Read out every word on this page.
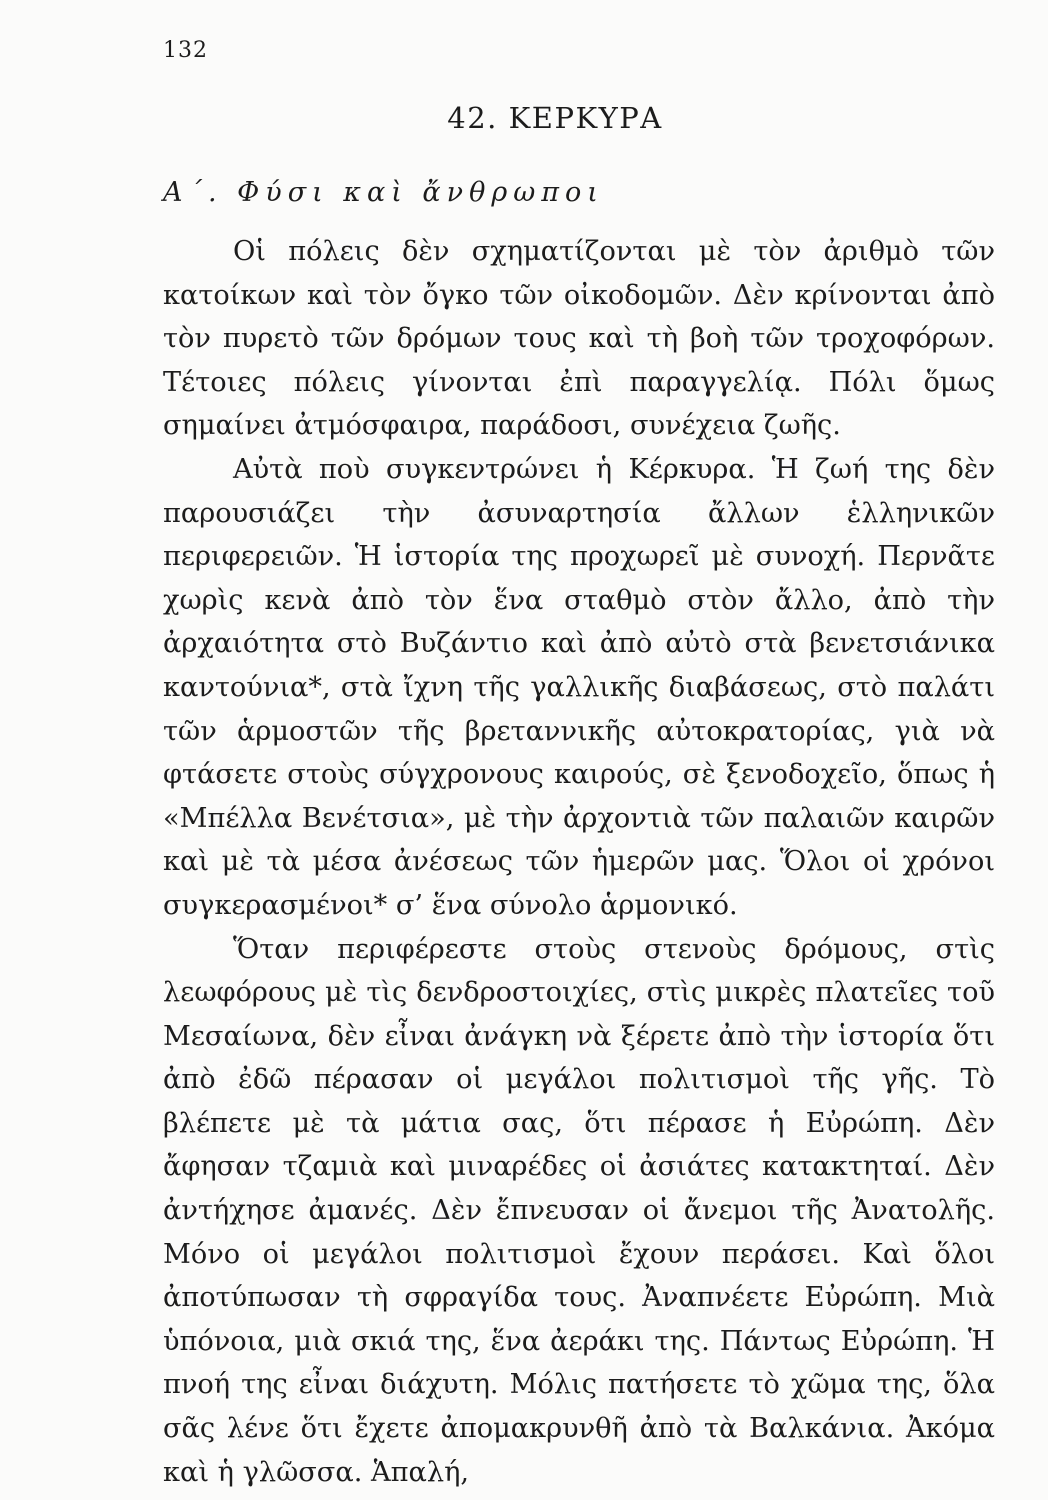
132
42. ΚΕΡΚΥΡΑ
Α΄. Φύσι καὶ ἄνθρωποι

Οἱ πόλεις δὲν σχηματίζονται μὲ τὸν ἀριθμὸ τῶν κατοίκων καὶ τὸν ὄγκο τῶν οἰκοδομῶν. Δὲν κρίνονται ἀπὸ τὸν πυρετὸ τῶν δρόμων τους καὶ τὴ βοὴ τῶν τροχοφόρων. Τέτοιες πόλεις γίνονται ἐπὶ παραγγελίᾳ. Πόλι ὅμως σημαίνει ἀτμόσφαιρα, παράδοσι, συνέχεια ζωῆς.

Αὐτὰ ποὺ συγκεντρώνει ἡ Κέρκυρα. Ἡ ζωή της δὲν παρουσιάζει τὴν ἀσυναρτησία ἄλλων ἑλληνικῶν περιφερειῶν. Ἡ ἱστορία της προχωρεῖ μὲ συνοχή. Περνᾶτε χωρὶς κενὰ ἀπὸ τὸν ἕνα σταθμὸ στὸν ἄλλο, ἀπὸ τὴν ἀρχαιότητα στὸ Βυζάντιο καὶ ἀπὸ αὐτὸ στὰ βενετσιάνικα καντούνια*, στὰ ἴχνη τῆς γαλλικῆς διαβάσεως, στὸ παλάτι τῶν ἁρμοστῶν τῆς βρεταννικῆς αὐτοκρατορίας, γιὰ νὰ φτάσετε στοὺς σύγχρονους καιρούς, σὲ ξενοδοχεῖο, ὅπως ἡ «Μπέλλα Βενέτσια», μὲ τὴν ἀρχοντιὰ τῶν παλαιῶν καιρῶν καὶ μὲ τὰ μέσα ἀνέσεως τῶν ἡμερῶν μας. Ὅλοι οἱ χρόνοι συγκερασμένοι* σ’ ἕνα σύνολο ἁρμονικό.

Ὅταν περιφέρεστε στοὺς στενοὺς δρόμους, στὶς λεωφόρους μὲ τὶς δενδροστοιχίες, στὶς μικρὲς πλατεῖες τοῦ Μεσαίωνα, δὲν εἶναι ἀνάγκη νὰ ξέρετε ἀπὸ τὴν ἱστορία ὅτι ἀπὸ ἐδῶ πέρασαν οἱ μεγάλοι πολιτισμοὶ τῆς γῆς. Τὸ βλέπετε μὲ τὰ μάτια σας, ὅτι πέρασε ἡ Εὐρώπη. Δὲν ἄφησαν τζαμιὰ καὶ μιναρέδες οἱ ἀσιάτες κατακτηταί. Δὲν ἀντήχησε ἀμανές. Δὲν ἔπνευσαν οἱ ἄνεμοι τῆς Ἀνατολῆς. Μόνο οἱ μεγάλοι πολιτισμοὶ ἔχουν περάσει. Καὶ ὅλοι ἀποτύπωσαν τὴ σφραγίδα τους. Ἀναπνέετε Εὐρώπη. Μιὰ ὑπόνοια, μιὰ σκιά της, ἕνα ἀεράκι της. Πάντως Εὐρώπη. Ἡ πνοή της εἶναι διάχυτη. Μόλις πατήσετε τὸ χῶμα της, ὅλα σᾶς λένε ὅτι ἔχετε ἀπομακρυνθῆ ἀπὸ τὰ Βαλκάνια. Ἀκόμα καὶ ἡ γλῶσσα. Ἁπαλή,
